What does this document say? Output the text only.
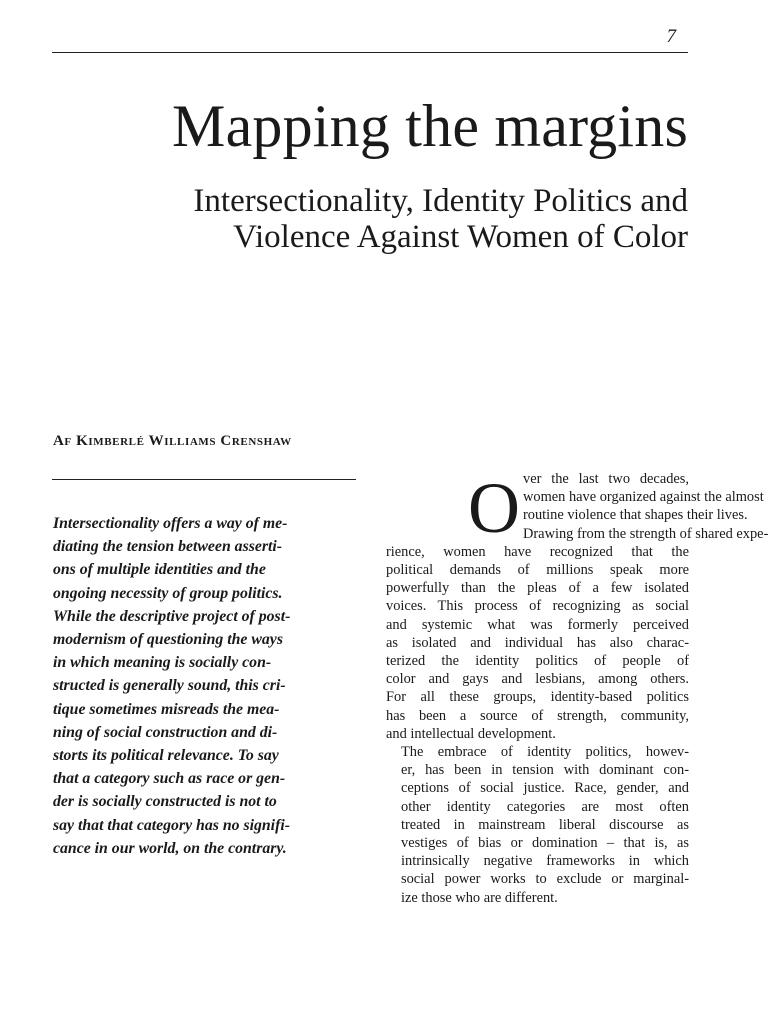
7
Mapping the margins
Intersectionality, Identity Politics and
Violence Against Women of Color

Af Kimberlé Williams Crenshaw

Intersectionality offers a way of me-
diating the tension between asserti-
ons of multiple identities and the
ongoing necessity of group politics.
While the descriptive project of post-
modernism of questioning the ways
in which meaning is socially con-
structed is generally sound, this cri-
tique sometimes misreads the mea-
ning of social construction and di-
storts its political relevance. To say
that a category such as race or gen-
der is socially constructed is not to
say that that category has no signifi-
cance in our world, on the contrary.

O ver the last two decades,
women have organized against the almost
routine violence that shapes their lives.
Drawing from the strength of shared expe-
rience, women have recognized that the
political demands of millions speak more
powerfully than the pleas of a few isolated
voices. This process of recognizing as social
and systemic what was formerly perceived
as isolated and individual has also charac-
terized the identity politics of people of
color and gays and lesbians, among others.
For all these groups, identity-based politics
has been a source of strength, community,
and intellectual development.

The embrace of identity politics, howev-
er, has been in tension with dominant con-
ceptions of social justice. Race, gender, and
other identity categories are most often
treated in mainstream liberal discourse as
vestiges of bias or domination – that is, as
intrinsically negative frameworks in which
social power works to exclude or marginal-
ize those who are different.
